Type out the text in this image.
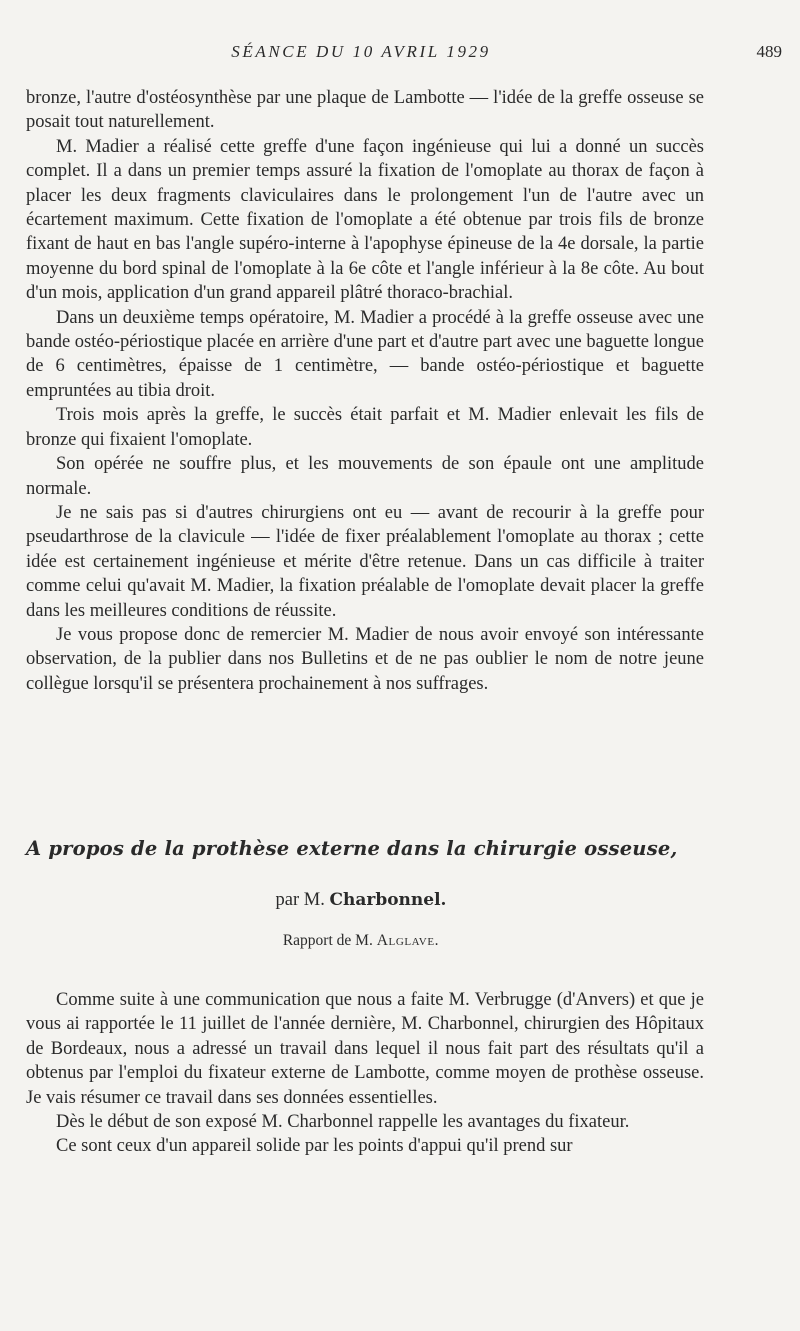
SÉANCE DU 10 AVRIL 1929	489

bronze, l'autre d'ostéosynthèse par une plaque de Lambotte — l'idée de la greffe osseuse se posait tout naturellement.

M. Madier a réalisé cette greffe d'une façon ingénieuse qui lui a donné un succès complet. Il a dans un premier temps assuré la fixation de l'omoplate au thorax de façon à placer les deux fragments claviculaires dans le prolongement l'un de l'autre avec un écartement maximum. Cette fixation de l'omoplate a été obtenue par trois fils de bronze fixant de haut en bas l'angle supéro-interne à l'apophyse épineuse de la 4e dorsale, la partie moyenne du bord spinal de l'omoplate à la 6e côte et l'angle inférieur à la 8e côte. Au bout d'un mois, application d'un grand appareil plâtré thoraco-brachial.

Dans un deuxième temps opératoire, M. Madier a procédé à la greffe osseuse avec une bande ostéo-périostique placée en arrière d'une part et d'autre part avec une baguette longue de 6 centimètres, épaisse de 1 centimètre, — bande ostéo-périostique et baguette empruntées au tibia droit.

Trois mois après la greffe, le succès était parfait et M. Madier enlevait les fils de bronze qui fixaient l'omoplate.

Son opérée ne souffre plus, et les mouvements de son épaule ont une amplitude normale.

Je ne sais pas si d'autres chirurgiens ont eu — avant de recourir à la greffe pour pseudarthrose de la clavicule — l'idée de fixer préalablement l'omoplate au thorax ; cette idée est certainement ingénieuse et mérite d'être retenue. Dans un cas difficile à traiter comme celui qu'avait M. Madier, la fixation préalable de l'omoplate devait placer la greffe dans les meilleures conditions de réussite.

Je vous propose donc de remercier M. Madier de nous avoir envoyé son intéressante observation, de la publier dans nos Bulletins et de ne pas oublier le nom de notre jeune collègue lorsqu'il se présentera prochainement à nos suffrages.

A propos de la prothèse externe dans la chirurgie osseuse,
par M. Charbonnel.
Rapport de M. Alglave.

Comme suite à une communication que nous a faite M. Verbrugge (d'Anvers) et que je vous ai rapportée le 11 juillet de l'année dernière, M. Charbonnel, chirurgien des Hôpitaux de Bordeaux, nous a adressé un travail dans lequel il nous fait part des résultats qu'il a obtenus par l'emploi du fixateur externe de Lambotte, comme moyen de prothèse osseuse. Je vais résumer ce travail dans ses données essentielles.

Dès le début de son exposé M. Charbonnel rappelle les avantages du fixateur.

Ce sont ceux d'un appareil solide par les points d'appui qu'il prend sur
